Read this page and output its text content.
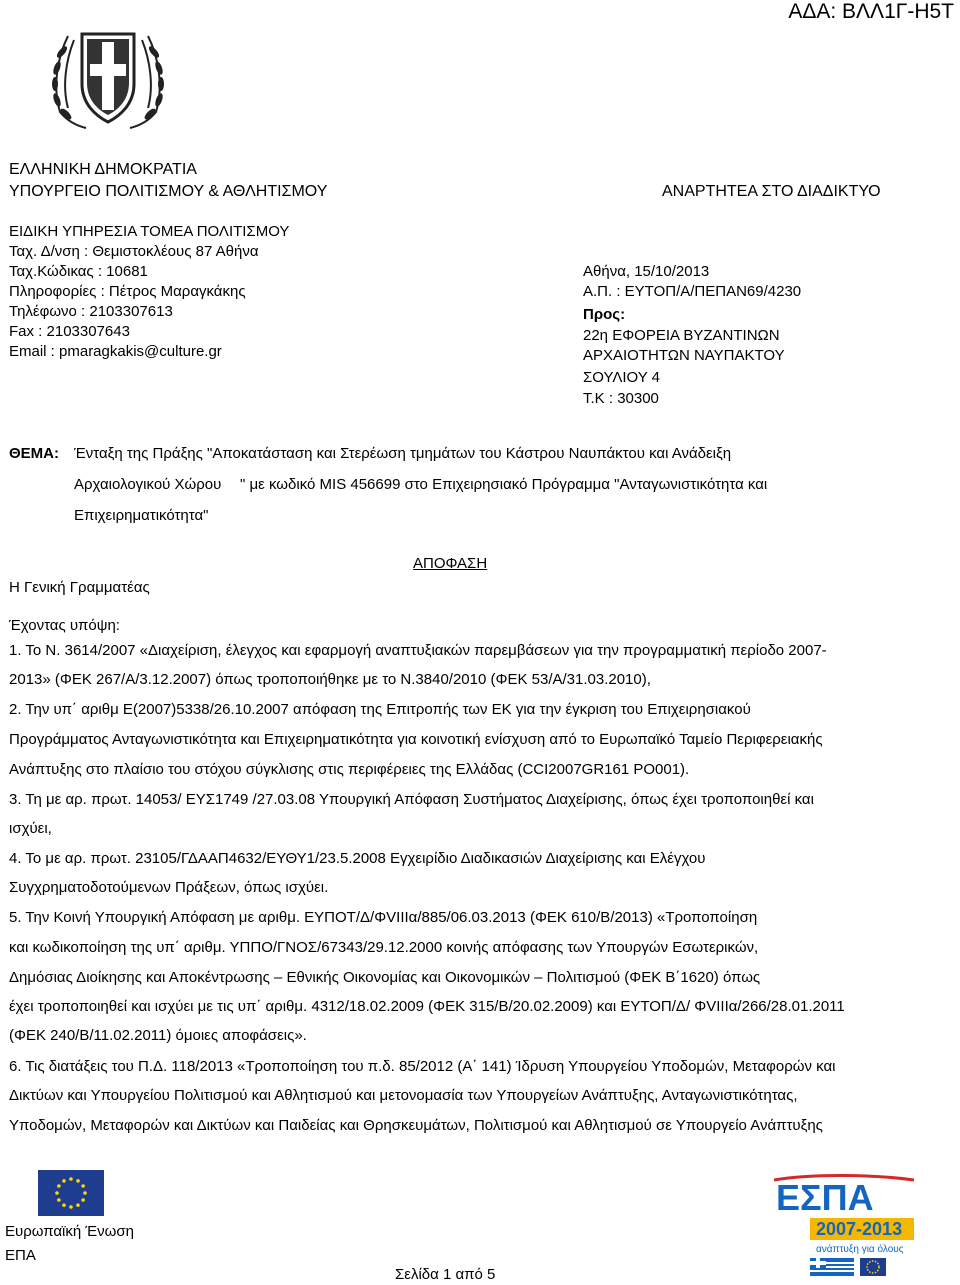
ΑΔΑ: ΒΛΛ1Γ-Η5Τ
ΕΛΛΗΝΙΚΗ ΔΗΜΟΚΡΑΤΙΑ
ΥΠΟΥΡΓΕΙΟ ΠΟΛΙΤΙΣΜΟΥ & ΑΘΛΗΤΙΣΜΟΥ	ΑΝΑΡΤΗΤΕΑ ΣΤΟ ΔΙΑΔΙΚΤΥΟ
ΕΙΔΙΚΗ ΥΠΗΡΕΣΙΑ ΤΟΜΕΑ ΠΟΛΙΤΙΣΜΟΥ
Ταχ. Δ/νση : Θεμιστοκλέους 87 Αθήνα
Ταχ.Κώδικας : 10681
Πληροφορίες : Πέτρος Μαραγκάκης
Τηλέφωνο : 2103307613
Fax : 2103307643
Email : pmaragkakis@culture.gr
Αθήνα, 15/10/2013
Α.Π. : ΕΥΤΟΠ/Α/ΠΕΠΑΝ69/4230
Προς:
22η ΕΦΟΡΕΙΑ ΒΥΖΑΝΤΙΝΩΝ
ΑΡΧΑΙΟΤΗΤΩΝ ΝΑΥΠΑΚΤΟΥ
ΣΟΥΛΙΟΥ 4
Τ.Κ : 30300
ΘΕΜΑ: Ένταξη της Πράξης "Αποκατάσταση και Στερέωση τμημάτων του Κάστρου Ναυπάκτου και Ανάδειξη
Αρχαιολογικού Χώρου " με κωδικό MIS 456699 στο Επιχειρησιακό Πρόγραμμα "Ανταγωνιστικότητα και
Επιχειρηματικότητα"
ΑΠΟΦΑΣΗ
Η Γενική Γραμματέας
Έχοντας υπόψη:
1. Το Ν. 3614/2007 «Διαχείριση, έλεγχος και εφαρμογή αναπτυξιακών παρεμβάσεων για την προγραμματική περίοδο 2007-
2013» (ΦΕΚ 267/Α/3.12.2007) όπως τροποποιήθηκε με το Ν.3840/2010 (ΦΕΚ 53/Α/31.03.2010),
2. Την υπ΄ αριθμ Ε(2007)5338/26.10.2007 απόφαση της Επιτροπής των ΕΚ για την έγκριση του Επιχειρησιακού
Προγράμματος Ανταγωνιστικότητα και Επιχειρηματικότητα για κοινοτική ενίσχυση από το Ευρωπαϊκό Ταμείο Περιφερειακής
Ανάπτυξης στο πλαίσιο του στόχου σύγκλισης στις περιφέρειες της Ελλάδας (CCI2007GR161 PO001).
3. Τη με αρ. πρωτ. 14053/ ΕΥΣ1749 /27.03.08 Υπουργική Απόφαση Συστήματος Διαχείρισης, όπως έχει τροποποιηθεί και
ισχύει,
4. Το με αρ. πρωτ. 23105/ΓΔΑΑΠ4632/ΕΥΘΥ1/23.5.2008 Εγχειρίδιο Διαδικασιών Διαχείρισης και Ελέγχου
Συγχρηματοδοτούμενων Πράξεων, όπως ισχύει.
5. Την Κοινή Υπουργική Απόφαση με αριθμ. ΕΥΠΟΤ/Δ/ΦVIIIα/885/06.03.2013 (ΦΕΚ 610/Β/2013) «Τροποποίηση
και κωδικοποίηση της υπ΄ αριθμ. ΥΠΠΟ/ΓΝΟΣ/67343/29.12.2000 κοινής απόφασης των Υπουργών Εσωτερικών,
Δημόσιας Διοίκησης και Αποκέντρωσης – Εθνικής Οικονομίας και Οικονομικών – Πολιτισμού (ΦΕΚ Β΄1620) όπως
έχει τροποποιηθεί και ισχύει με τις υπ΄ αριθμ. 4312/18.02.2009 (ΦΕΚ 315/Β/20.02.2009) και ΕΥΤΟΠ/Δ/ ΦVIIIα/266/28.01.2011
(ΦΕΚ 240/Β/11.02.2011) όμοιες αποφάσεις».
6. Τις διατάξεις του Π.Δ. 118/2013 «Τροποποίηση του π.δ. 85/2012 (Α΄ 141) Ίδρυση Υπουργείου Υποδομών, Μεταφορών και
Δικτύων και Υπουργείου Πολιτισμού και Αθλητισμού και μετονομασία των Υπουργείων Ανάπτυξης, Ανταγωνιστικότητας,
Υποδομών, Μεταφορών και Δικτύων και Παιδείας και Θρησκευμάτων, Πολιτισμού και Αθλητισμού σε Υπουργείο Ανάπτυξης
Ευρωπαϊκή Ένωση
ΕΠΑ
Σελίδα 1 από 5
ΕΣΠΑ
2007-2013
ανάπτυξη για όλους
